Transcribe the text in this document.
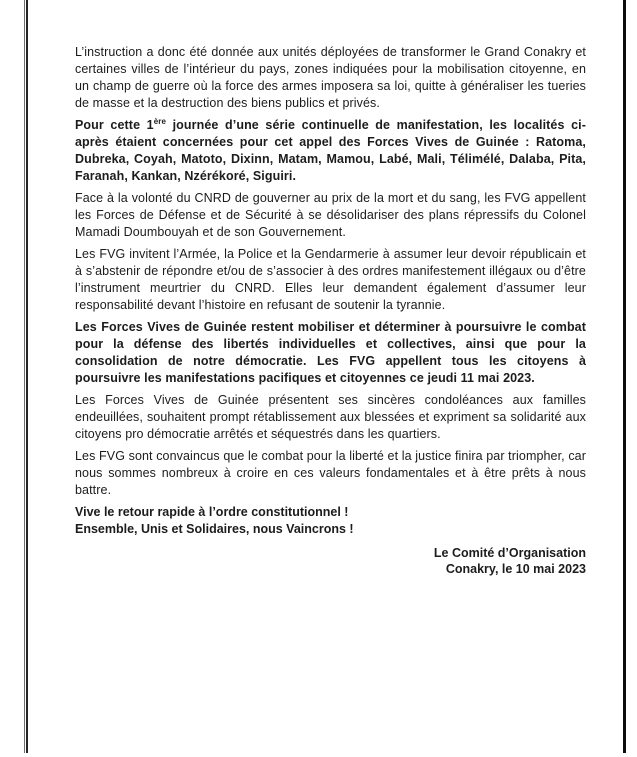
L’instruction a donc été donnée aux unités déployées de transformer le Grand Conakry et certaines villes de l’intérieur du pays, zones indiquées pour la mobilisation citoyenne, en un champ de guerre où la force des armes imposera sa loi, quitte à généraliser les tueries de masse et la destruction des biens publics et privés.

Pour cette 1ère journée d’une série continuelle de manifestation, les localités ci-après étaient concernées pour cet appel des Forces Vives de Guinée : Ratoma, Dubreka, Coyah, Matoto, Dixinn, Matam, Mamou, Labé, Mali, Télimélé, Dalaba, Pita, Faranah, Kankan, Nzérékoré, Siguiri.

Face à la volonté du CNRD de gouverner au prix de la mort et du sang, les FVG appellent les Forces de Défense et de Sécurité à se désolidariser des plans répressifs du Colonel Mamadi Doumbouyah et de son Gouvernement.

Les FVG invitent l’Armée, la Police et la Gendarmerie à assumer leur devoir républicain et à s’abstenir de répondre et/ou de s’associer à des ordres manifestement illégaux ou d’être l’instrument meurtrier du CNRD. Elles leur demandent également d’assumer leur responsabilité devant l’histoire en refusant de soutenir la tyrannie.

Les Forces Vives de Guinée restent mobiliser et déterminer à poursuivre le combat pour la défense des libertés individuelles et collectives, ainsi que pour la consolidation de notre démocratie. Les FVG appellent tous les citoyens à poursuivre les manifestations pacifiques et citoyennes ce jeudi 11 mai 2023.

Les Forces Vives de Guinée présentent ses sincères condoléances aux familles endeuillées, souhaitent prompt rétablissement aux blessées et expriment sa solidarité aux citoyens pro démocratie arrêtés et séquestrés dans les quartiers.

Les FVG sont convaincus que le combat pour la liberté et la justice finira par triompher, car nous sommes nombreux à croire en ces valeurs fondamentales et à être prêts à nous battre.

Vive le retour rapide à l’ordre constitutionnel !
Ensemble, Unis et Solidaires, nous Vaincrons !
Le Comité d’Organisation
Conakry, le 10 mai 2023
